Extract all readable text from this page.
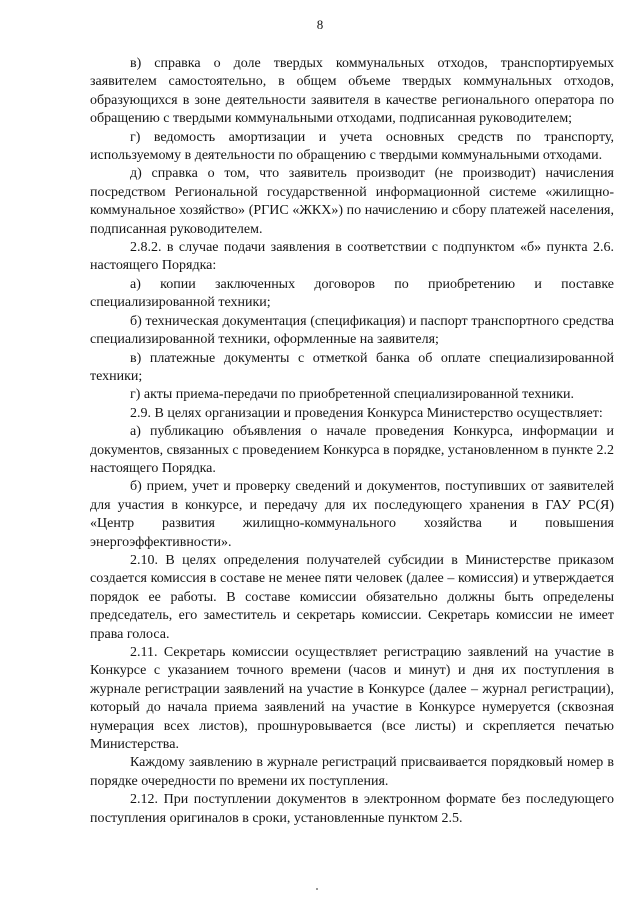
8

в) справка о доле твердых коммунальных отходов, транспортируемых заявителем самостоятельно, в общем объеме твердых коммунальных отходов, образующихся в зоне деятельности заявителя в качестве регионального оператора по обращению с твердыми коммунальными отходами, подписанная руководителем;

г) ведомость амортизации и учета основных средств по транспорту, используемому в деятельности по обращению с твердыми коммунальными отходами.

д) справка о том, что заявитель производит (не производит) начисления посредством Региональной государственной информационной системе «жилищно-коммунальное хозяйство» (РГИС «ЖКХ») по начислению и сбору платежей населения, подписанная руководителем.

2.8.2. в случае подачи заявления в соответствии с подпунктом «б» пункта 2.6. настоящего Порядка:

а) копии заключенных договоров по приобретению и поставке специализированной техники;

б) техническая документация (спецификация) и паспорт транспортного средства специализированной техники, оформленные на заявителя;

в) платежные документы с отметкой банка об оплате специализированной техники;

г) акты приема-передачи по приобретенной специализированной техники.

2.9. В целях организации и проведения Конкурса Министерство осуществляет:

а) публикацию объявления о начале проведения Конкурса, информации и документов, связанных с проведением Конкурса в порядке, установленном в пункте 2.2 настоящего Порядка.

б) прием, учет и проверку сведений и документов, поступивших от заявителей для участия в конкурсе, и передачу для их последующего хранения в ГАУ РС(Я) «Центр развития жилищно-коммунального хозяйства и повышения энергоэффективности».

2.10. В целях определения получателей субсидии в Министерстве приказом создается комиссия в составе не менее пяти человек (далее – комиссия) и утверждается порядок ее работы. В составе комиссии обязательно должны быть определены председатель, его заместитель и секретарь комиссии. Секретарь комиссии не имеет права голоса.

2.11. Секретарь комиссии осуществляет регистрацию заявлений на участие в Конкурсе с указанием точного времени (часов и минут) и дня их поступления в журнале регистрации заявлений на участие в Конкурсе (далее – журнал регистрации), который до начала приема заявлений на участие в Конкурсе нумеруется (сквозная нумерация всех листов), прошнуровывается (все листы) и скрепляется печатью Министерства.

Каждому заявлению в журнале регистраций присваивается порядковый номер в порядке очередности по времени их поступления.

2.12. При поступлении документов в электронном формате без последующего поступления оригиналов в сроки, установленные пунктом 2.5.
